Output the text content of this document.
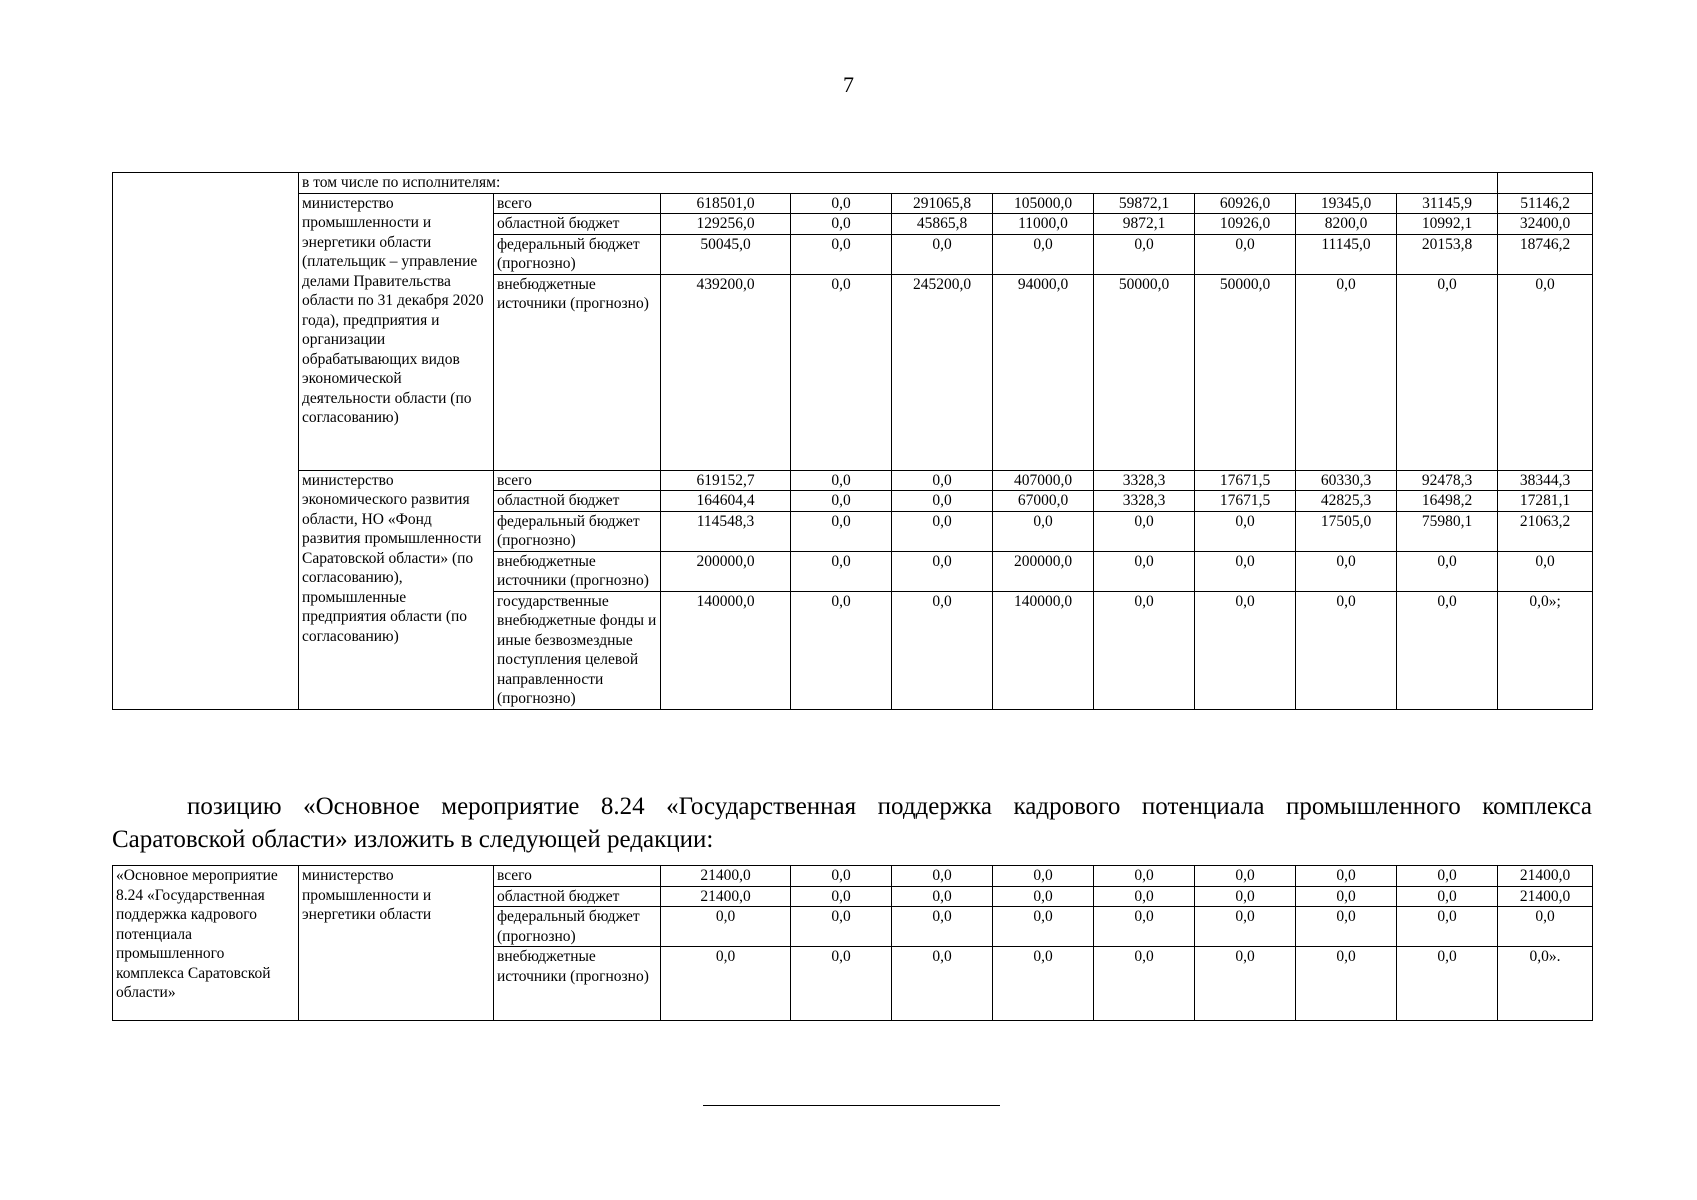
7
	в том числе по исполнителям:										
	министерство промышленности и энергетики области (плательщик – управление делами Правительства области по 31 декабря 2020 года), предприятия и организации обрабатывающих видов экономической деятельности области (по согласованию)	всего	618501,0	0,0	291065,8	105000,0	59872,1	60926,0	19345,0	31145,9	51146,2
		областной бюджет	129256,0	0,0	45865,8	11000,0	9872,1	10926,0	8200,0	10992,1	32400,0
		федеральный бюджет (прогнозно)	50045,0	0,0	0,0	0,0	0,0	0,0	11145,0	20153,8	18746,2
		внебюджетные источники (прогнозно)	439200,0	0,0	245200,0	94000,0	50000,0	50000,0	0,0	0,0	0,0
	министерство экономического развития области, НО «Фонд развития промышленности Саратовской области» (по согласованию), промышленные предприятия области (по согласованию)	всего	619152,7	0,0	0,0	407000,0	3328,3	17671,5	60330,3	92478,3	38344,3
		областной бюджет	164604,4	0,0	0,0	67000,0	3328,3	17671,5	42825,3	16498,2	17281,1
		федеральный бюджет (прогнозно)	114548,3	0,0	0,0	0,0	0,0	0,0	17505,0	75980,1	21063,2
		внебюджетные источники (прогнозно)	200000,0	0,0	0,0	200000,0	0,0	0,0	0,0	0,0	0,0
		государственные внебюджетные фонды и иные безвозмездные поступления целевой направленности (прогнозно)	140000,0	0,0	0,0	140000,0	0,0	0,0	0,0	0,0	0,0»;
позицию «Основное мероприятие 8.24 «Государственная поддержка кадрового потенциала промышленного комплекса Саратовской области» изложить в следующей редакции:
«Основное мероприятие 8.24 «Государственная поддержка кадрового потенциала промышленного комплекса Саратовской области»	министерство промышленности и энергетики области	всего	21400,0	0,0	0,0	0,0	0,0	0,0	0,0	0,0	21400,0
		областной бюджет	21400,0	0,0	0,0	0,0	0,0	0,0	0,0	0,0	21400,0
		федеральный бюджет (прогнозно)	0,0	0,0	0,0	0,0	0,0	0,0	0,0	0,0	0,0
		внебюджетные источники (прогнозно)	0,0	0,0	0,0	0,0	0,0	0,0	0,0	0,0	0,0».
